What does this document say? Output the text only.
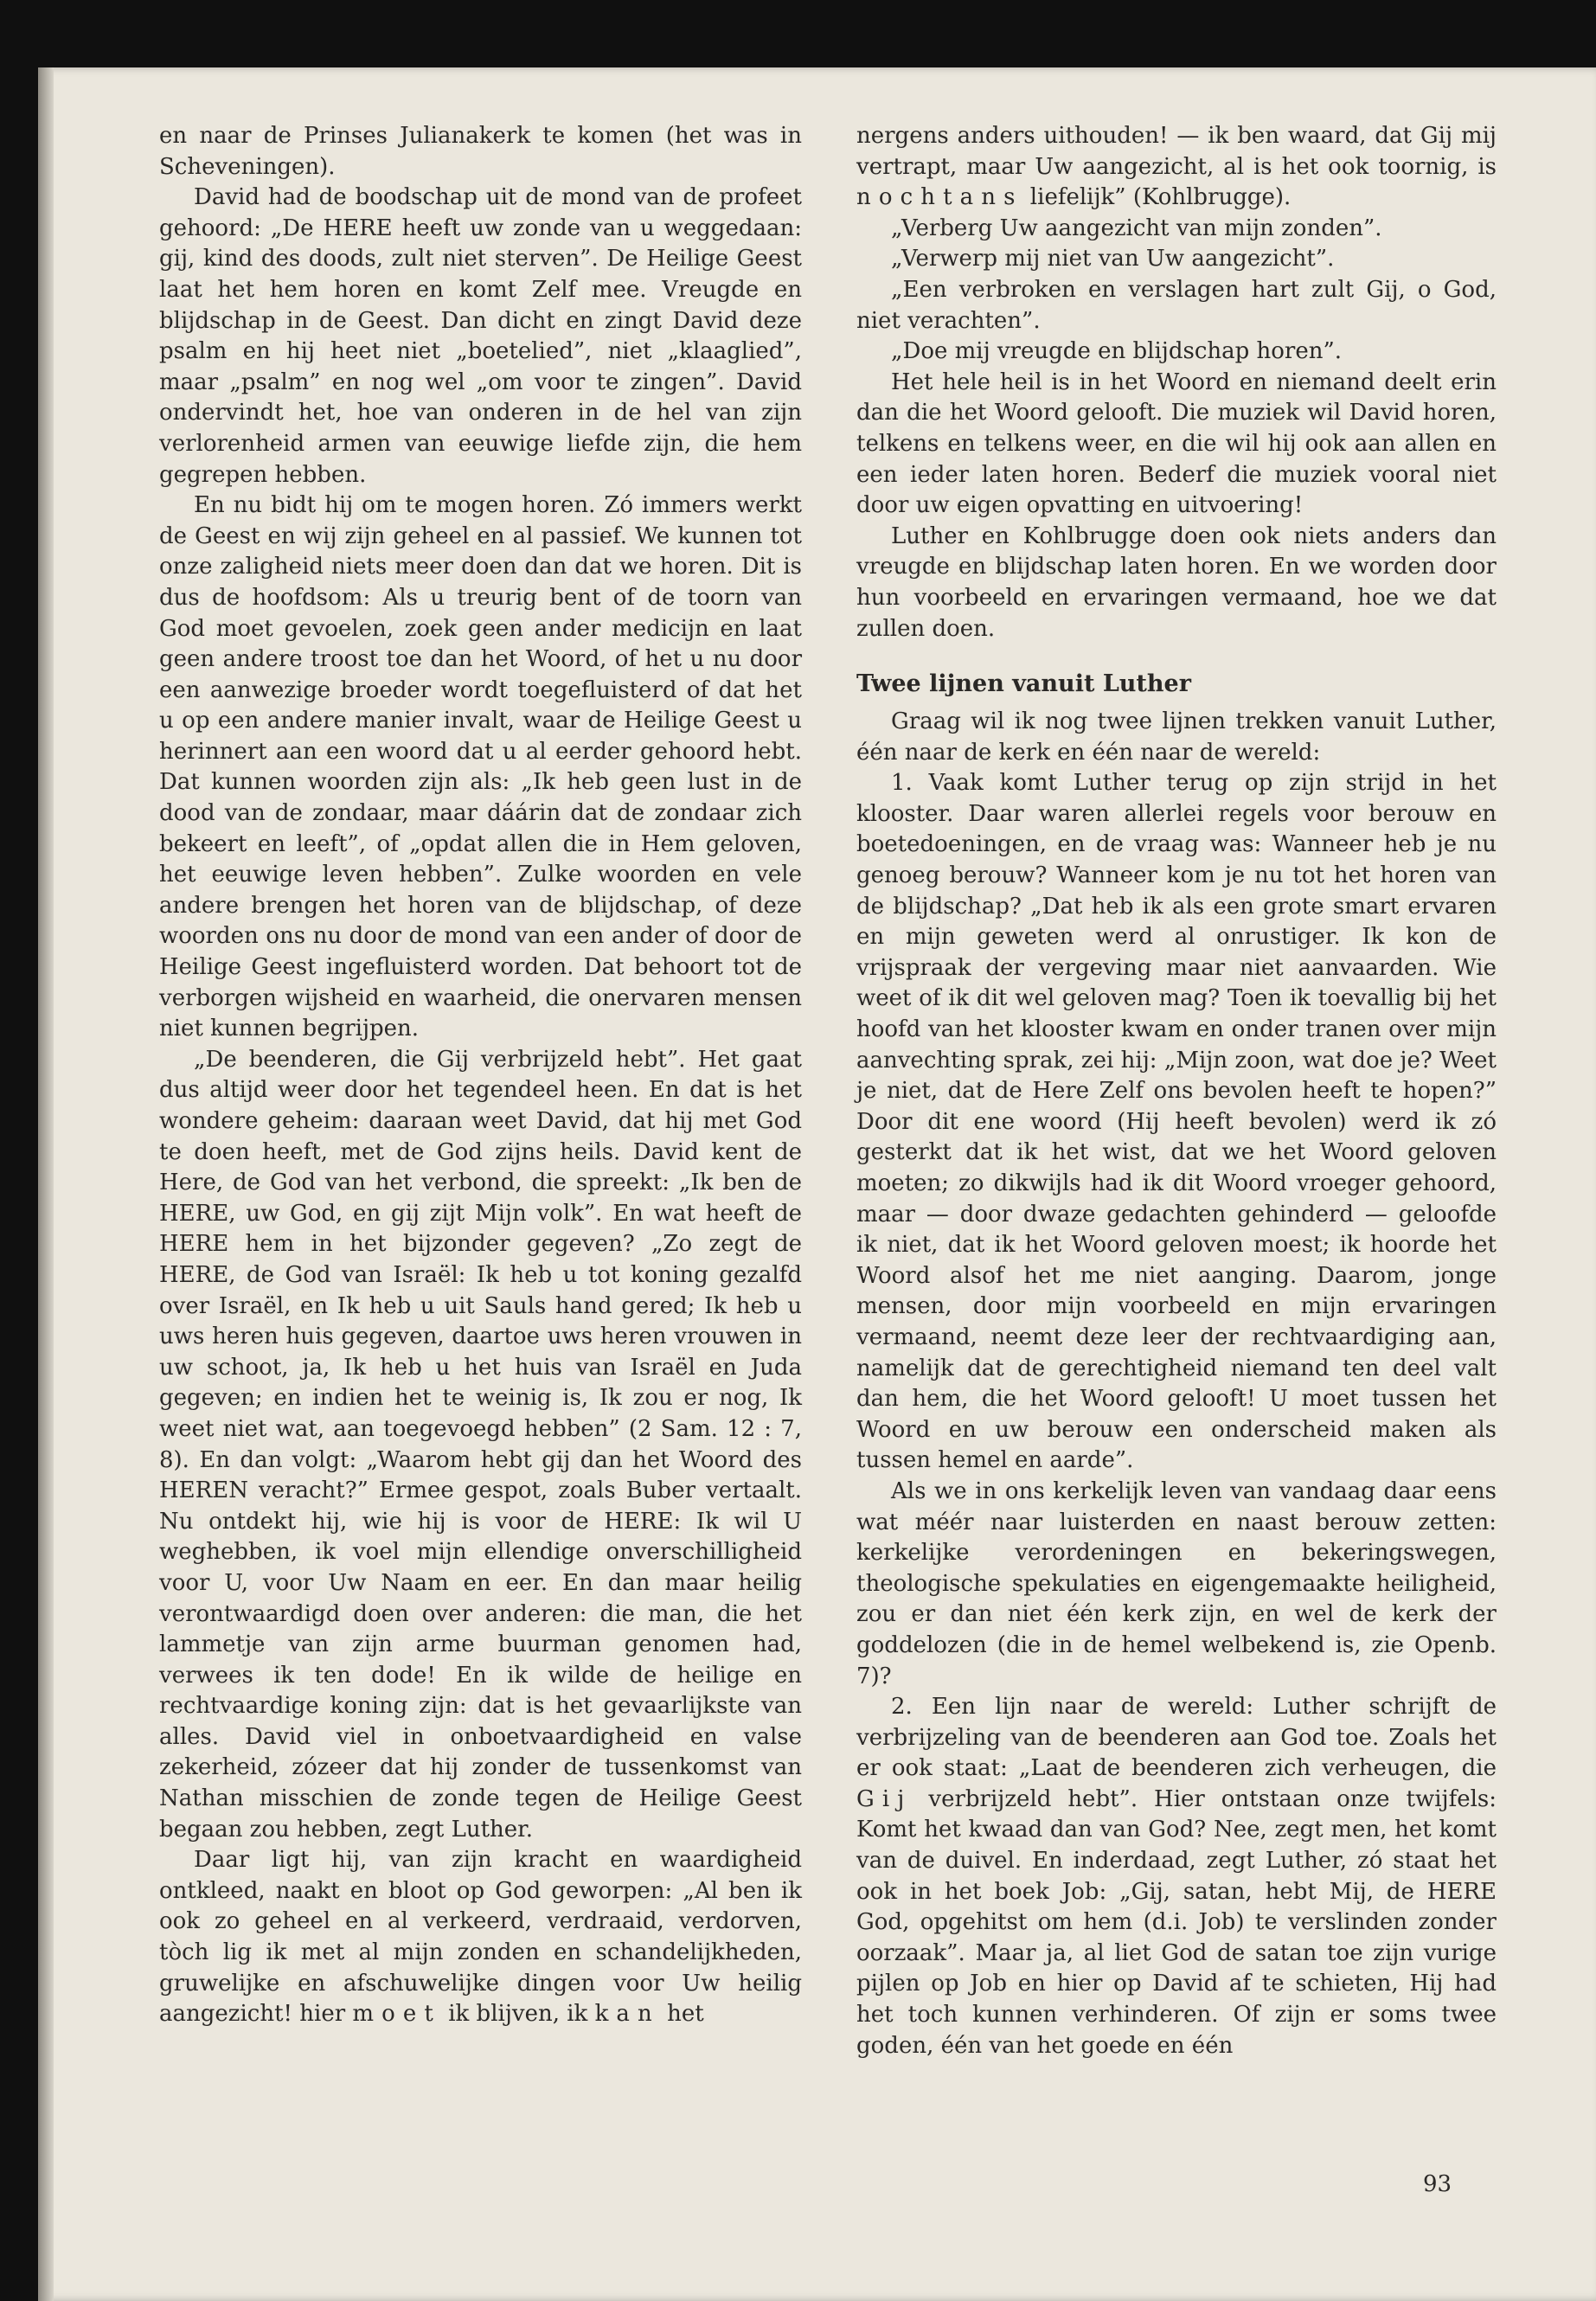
en naar de Prinses Julianakerk te komen (het was in Scheveningen).

David had de boodschap uit de mond van de profeet gehoord: „De HERE heeft uw zonde van u weggedaan: gij, kind des doods, zult niet sterven”. De Heilige Geest laat het hem horen en komt Zelf mee. Vreugde en blijdschap in de Geest. Dan dicht en zingt David deze psalm en hij heet niet „boetelied”, niet „klaaglied”, maar „psalm” en nog wel „om voor te zingen”. David ondervindt het, hoe van onderen in de hel van zijn verlorenheid armen van eeuwige liefde zijn, die hem gegrepen hebben.

En nu bidt hij om te mogen horen. Zó immers werkt de Geest en wij zijn geheel en al passief. We kunnen tot onze zaligheid niets meer doen dan dat we horen. Dit is dus de hoofdsom: Als u treurig bent of de toorn van God moet gevoelen, zoek geen ander medicijn en laat geen andere troost toe dan het Woord, of het u nu door een aanwezige broeder wordt toegefluisterd of dat het u op een andere manier invalt, waar de Heilige Geest u herinnert aan een woord dat u al eerder gehoord hebt. Dat kunnen woorden zijn als: „Ik heb geen lust in de dood van de zondaar, maar dáárin dat de zondaar zich bekeert en leeft”, of „opdat allen die in Hem geloven, het eeuwige leven hebben”. Zulke woorden en vele andere brengen het horen van de blijdschap, of deze woorden ons nu door de mond van een ander of door de Heilige Geest ingefluisterd worden. Dat behoort tot de verborgen wijsheid en waarheid, die onervaren mensen niet kunnen begrijpen.

„De beenderen, die Gij verbrijzeld hebt”. Het gaat dus altijd weer door het tegendeel heen. En dat is het wondere geheim: daaraan weet David, dat hij met God te doen heeft, met de God zijns heils. David kent de Here, de God van het verbond, die spreekt: „Ik ben de HERE, uw God, en gij zijt Mijn volk”. En wat heeft de HERE hem in het bijzonder gegeven? „Zo zegt de HERE, de God van Israël: Ik heb u tot koning gezalfd over Israël, en Ik heb u uit Sauls hand gered; Ik heb u uws heren huis gegeven, daartoe uws heren vrouwen in uw schoot, ja, Ik heb u het huis van Israël en Juda gegeven; en indien het te weinig is, Ik zou er nog, Ik weet niet wat, aan toegevoegd hebben” (2 Sam. 12 : 7, 8). En dan volgt: „Waarom hebt gij dan het Woord des HEREN veracht?” Ermee gespot, zoals Buber vertaalt. Nu ontdekt hij, wie hij is voor de HERE: Ik wil U weghebben, ik voel mijn ellendige onverschilligheid voor U, voor Uw Naam en eer. En dan maar heilig verontwaardigd doen over anderen: die man, die het lammetje van zijn arme buurman genomen had, verwees ik ten dode! En ik wilde de heilige en rechtvaardige koning zijn: dat is het gevaarlijkste van alles. David viel in onboetvaardigheid en valse zekerheid, zózeer dat hij zonder de tussenkomst van Nathan misschien de zonde tegen de Heilige Geest begaan zou hebben, zegt Luther.

Daar ligt hij, van zijn kracht en waardigheid ontkleed, naakt en bloot op God geworpen: „Al ben ik ook zo geheel en al verkeerd, verdraaid, verdorven, tòch lig ik met al mijn zonden en schandelijkheden, gruwelijke en afschuwelijke dingen voor Uw heilig aangezicht! hier moet ik blijven, ik kan het

nergens anders uithouden! — ik ben waard, dat Gij mij vertrapt, maar Uw aangezicht, al is het ook toornig, is nochtans liefelijk” (Kohlbrugge).

„Verberg Uw aangezicht van mijn zonden”.

„Verwerp mij niet van Uw aangezicht”.

„Een verbroken en verslagen hart zult Gij, o God, niet verachten”.

„Doe mij vreugde en blijdschap horen”.

Het hele heil is in het Woord en niemand deelt erin dan die het Woord gelooft. Die muziek wil David horen, telkens en telkens weer, en die wil hij ook aan allen en een ieder laten horen. Bederf die muziek vooral niet door uw eigen opvatting en uitvoering!

Luther en Kohlbrugge doen ook niets anders dan vreugde en blijdschap laten horen. En we worden door hun voorbeeld en ervaringen vermaand, hoe we dat zullen doen.

Twee lijnen vanuit Luther

Graag wil ik nog twee lijnen trekken vanuit Luther, één naar de kerk en één naar de wereld:

1. Vaak komt Luther terug op zijn strijd in het klooster. Daar waren allerlei regels voor berouw en boetedoeningen, en de vraag was: Wanneer heb je nu genoeg berouw? Wanneer kom je nu tot het horen van de blijdschap? „Dat heb ik als een grote smart ervaren en mijn geweten werd al onrustiger. Ik kon de vrijspraak der vergeving maar niet aanvaarden. Wie weet of ik dit wel geloven mag? Toen ik toevallig bij het hoofd van het klooster kwam en onder tranen over mijn aanvechting sprak, zei hij: „Mijn zoon, wat doe je? Weet je niet, dat de Here Zelf ons bevolen heeft te hopen?” Door dit ene woord (Hij heeft bevolen) werd ik zó gesterkt dat ik het wist, dat we het Woord geloven moeten; zo dikwijls had ik dit Woord vroeger gehoord, maar — door dwaze gedachten gehinderd — geloofde ik niet, dat ik het Woord geloven moest; ik hoorde het Woord alsof het me niet aanging. Daarom, jonge mensen, door mijn voorbeeld en mijn ervaringen vermaand, neemt deze leer der rechtvaardiging aan, namelijk dat de gerechtigheid niemand ten deel valt dan hem, die het Woord gelooft! U moet tussen het Woord en uw berouw een onderscheid maken als tussen hemel en aarde”.

Als we in ons kerkelijk leven van vandaag daar eens wat méér naar luisterden en naast berouw zetten: kerkelijke verordeningen en bekeringswegen, theologische spekulaties en eigengemaakte heiligheid, zou er dan niet één kerk zijn, en wel de kerk der goddelozen (die in de hemel welbekend is, zie Openb. 7)?

2. Een lijn naar de wereld: Luther schrijft de verbrijzeling van de beenderen aan God toe. Zoals het er ook staat: „Laat de beenderen zich verheugen, die Gij verbrijzeld hebt”. Hier ontstaan onze twijfels: Komt het kwaad dan van God? Nee, zegt men, het komt van de duivel. En inderdaad, zegt Luther, zó staat het ook in het boek Job: „Gij, satan, hebt Mij, de HERE God, opgehitst om hem (d.i. Job) te verslinden zonder oorzaak”. Maar ja, al liet God de satan toe zijn vurige pijlen op Job en hier op David af te schieten, Hij had het toch kunnen verhinderen. Of zijn er soms twee goden, één van het goede en één

93
